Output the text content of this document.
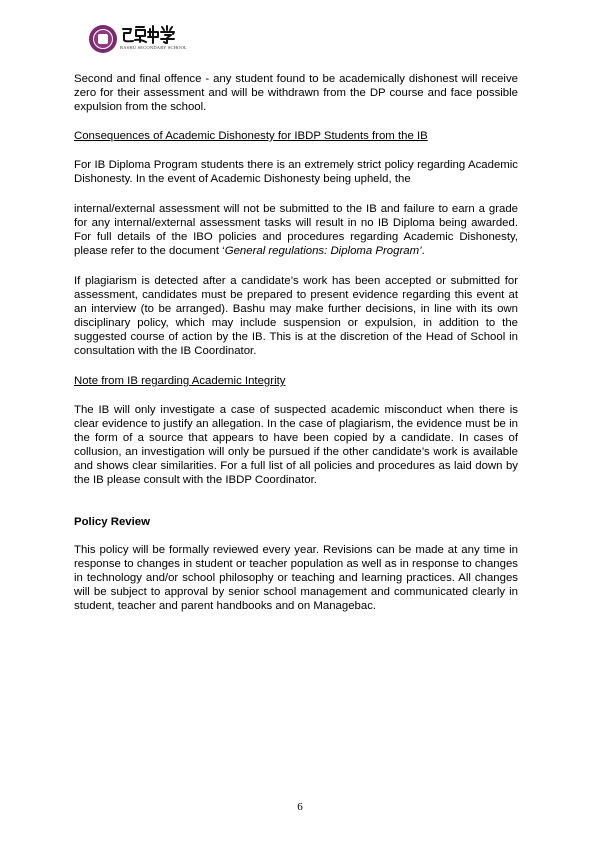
BASHU SECONDARY SCHOOL

Second and final offence - any student found to be academically dishonest will receive zero for their assessment and will be withdrawn from the DP course and face possible expulsion from the school.

Consequences of Academic Dishonesty for IBDP Students from the IB

For IB Diploma Program students there is an extremely strict policy regarding Academic Dishonesty. In the event of Academic Dishonesty being upheld, the

internal/external assessment will not be submitted to the IB and failure to earn a grade for any internal/external assessment tasks will result in no IB Diploma being awarded. For full details of the IBO policies and procedures regarding Academic Dishonesty, please refer to the document ‘General regulations: Diploma Program’.

If plagiarism is detected after a candidate’s work has been accepted or submitted for assessment, candidates must be prepared to present evidence regarding this event at an interview (to be arranged). Bashu may make further decisions, in line with its own disciplinary policy, which may include suspension or expulsion, in addition to the suggested course of action by the IB. This is at the discretion of the Head of School in consultation with the IB Coordinator.

Note from IB regarding Academic Integrity

The IB will only investigate a case of suspected academic misconduct when there is clear evidence to justify an allegation. In the case of plagiarism, the evidence must be in the form of a source that appears to have been copied by a candidate. In cases of collusion, an investigation will only be pursued if the other candidate’s work is available and shows clear similarities. For a full list of all policies and procedures as laid down by the IB please consult with the IBDP Coordinator.

Policy Review

This policy will be formally reviewed every year. Revisions can be made at any time in response to changes in student or teacher population as well as in response to changes in technology and/or school philosophy or teaching and learning practices. All changes will be subject to approval by senior school management and communicated clearly in student, teacher and parent handbooks and on Managebac.

6
